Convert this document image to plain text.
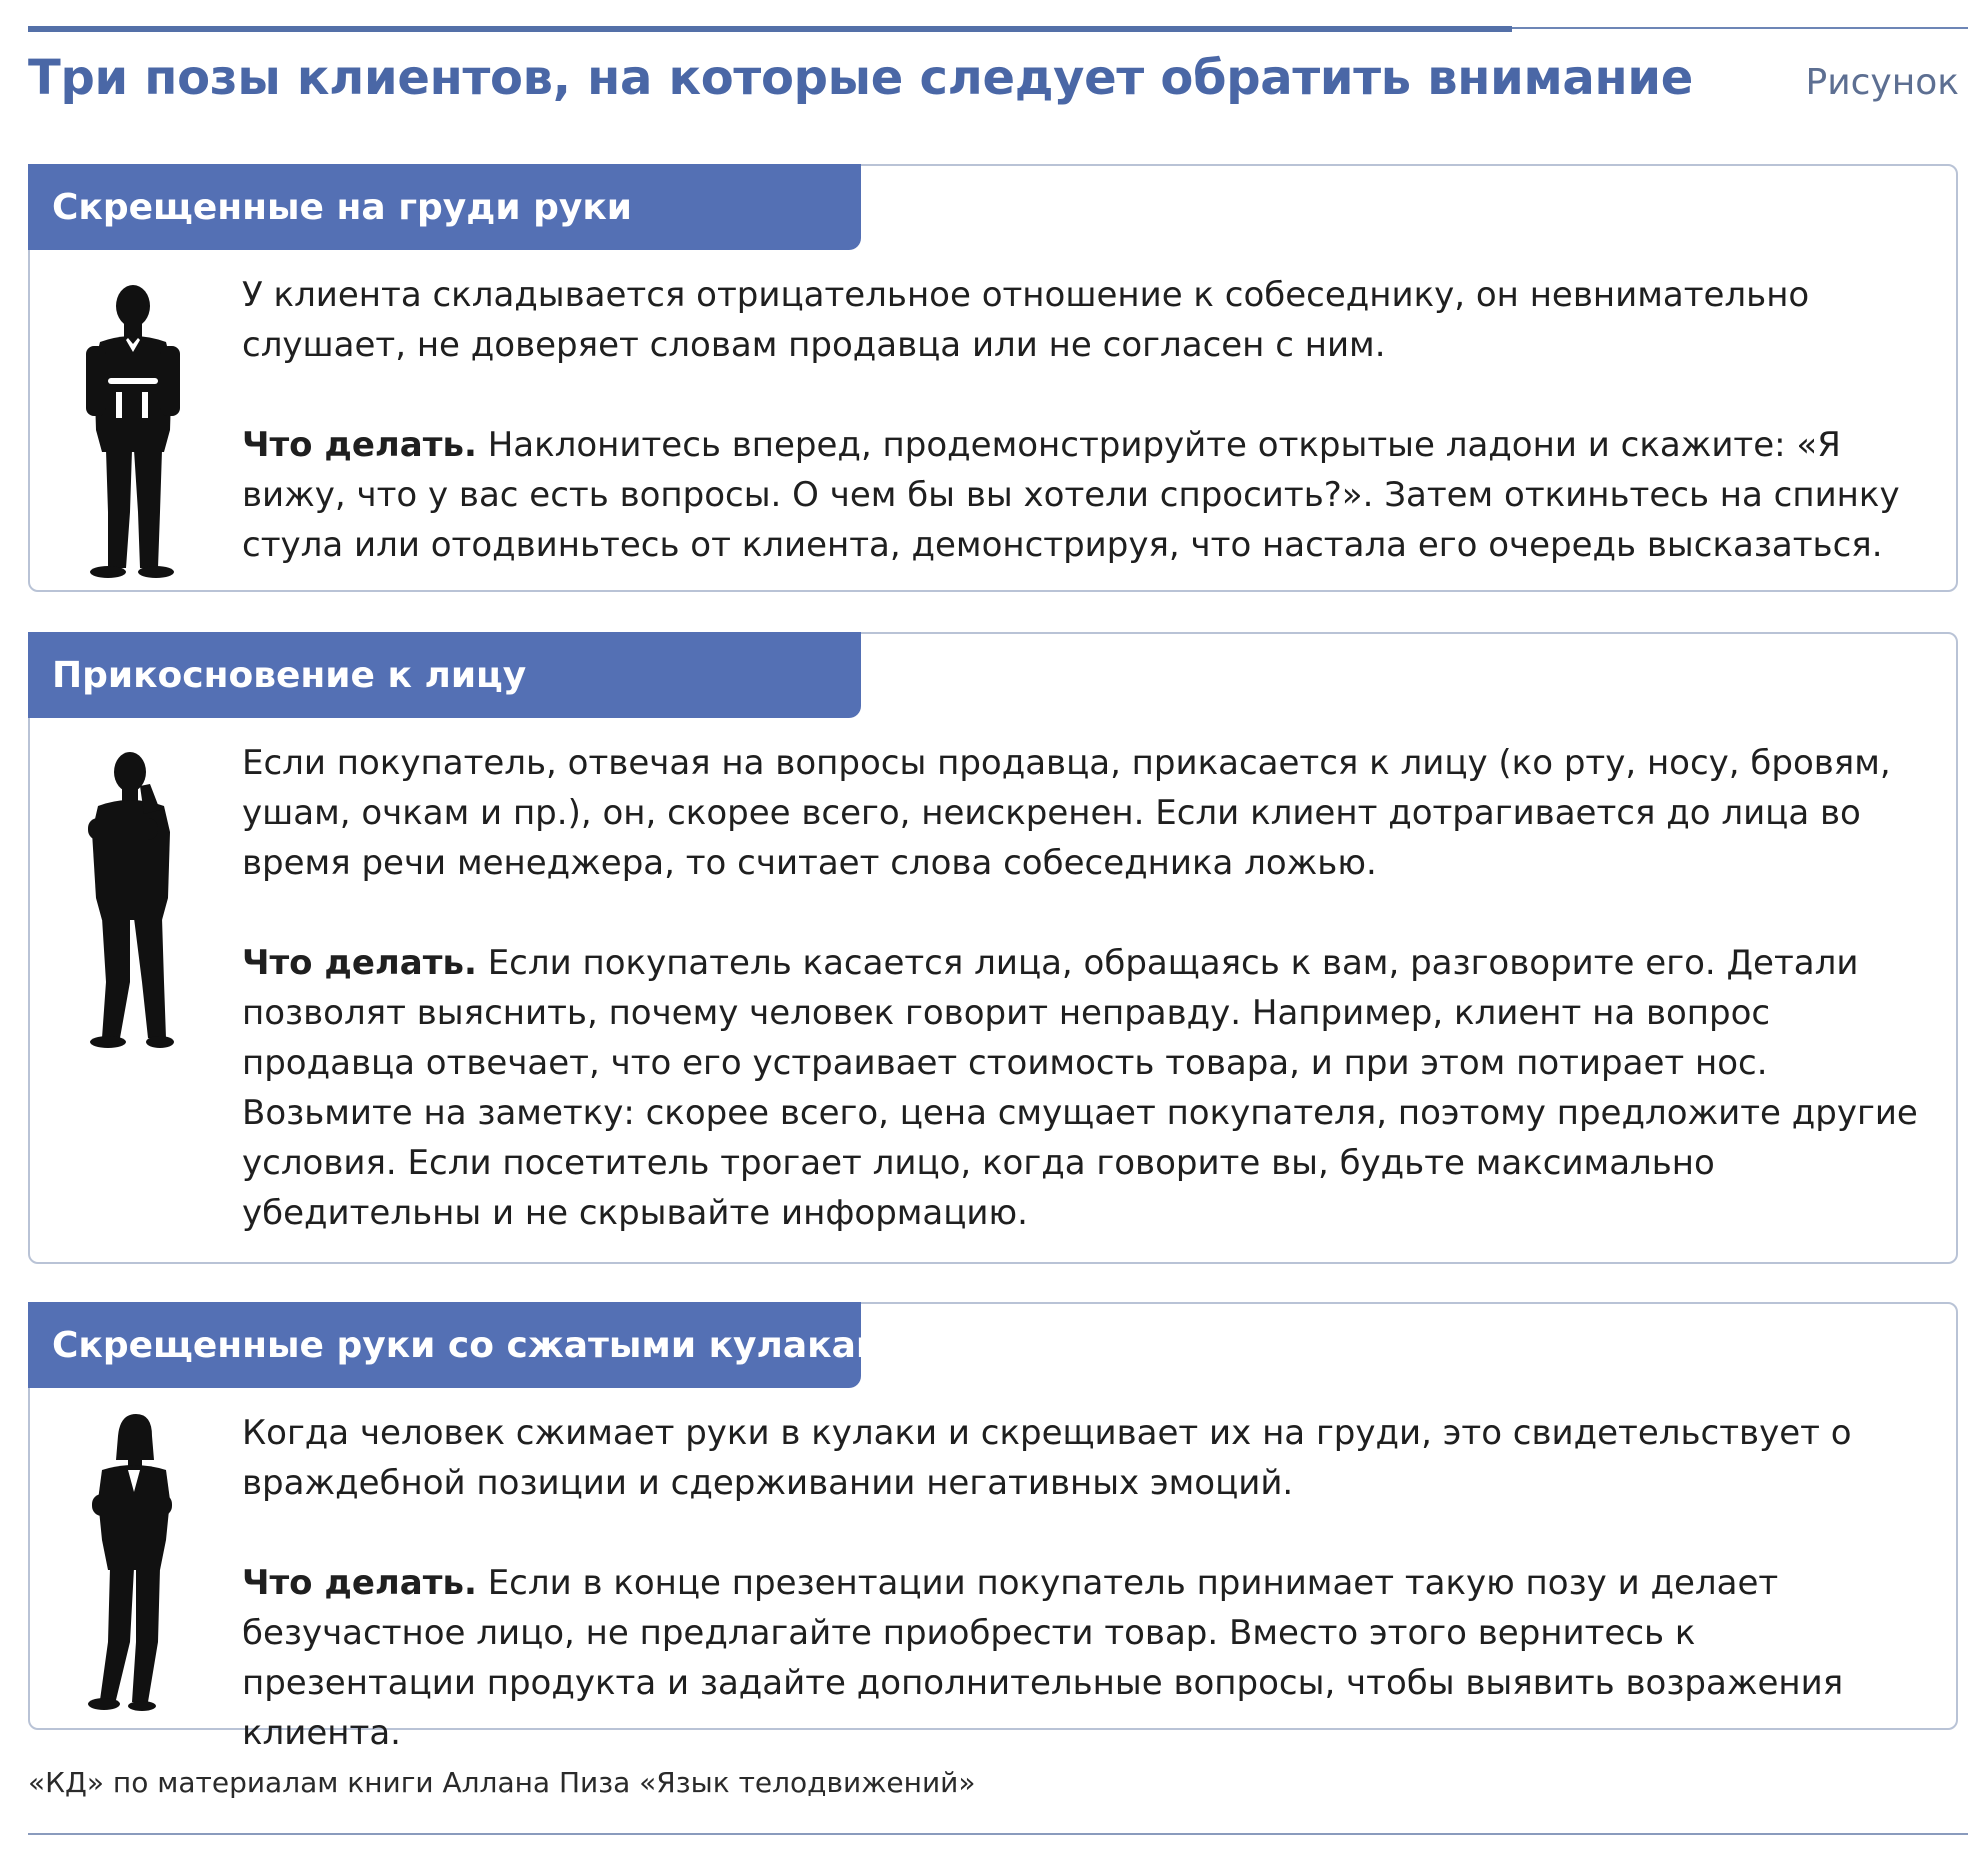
Три позы клиентов, на которые следует обратить внимание	Рисунок
Скрещенные на груди руки

У клиента складывается отрицательное отношение к собеседнику, он невнимательно слушает, не доверяет словам продавца или не согласен с ним.

Что делать. Наклонитесь вперед, продемонстрируйте открытые ладони и скажите: «Я вижу, что у вас есть вопросы. О чем бы вы хотели спросить?». Затем откиньтесь на спинку стула или отодвиньтесь от клиента, демонстрируя, что настала его очередь высказаться.

Прикосновение к лицу

Если покупатель, отвечая на вопросы продавца, прикасается к лицу (ко рту, носу, бровям, ушам, очкам и пр.), он, скорее всего, неискренен. Если клиент дотрагивается до лица во время речи менеджера, то считает слова собеседника ложью.

Что делать. Если покупатель касается лица, обращаясь к вам, разговорите его. Детали позволят выяснить, почему человек говорит неправду. Например, клиент на вопрос продавца отвечает, что его устраивает стоимость товара, и при этом потирает нос. Возьмите на заметку: скорее всего, цена смущает покупателя, поэтому предложите другие условия. Если посетитель трогает лицо, когда говорите вы, будьте максимально убедительны и не скрывайте информацию.

Скрещенные руки со сжатыми кулаками

Когда человек сжимает руки в кулаки и скрещивает их на груди, это свидетельствует о враждебной позиции и сдерживании негативных эмоций.

Что делать. Если в конце презентации покупатель принимает такую позу и делает безучастное лицо, не предлагайте приобрести товар. Вместо этого вернитесь к презентации продукта и задайте дополнительные вопросы, чтобы выявить возражения клиента.

«КД» по материалам книги Аллана Пиза «Язык телодвижений»
